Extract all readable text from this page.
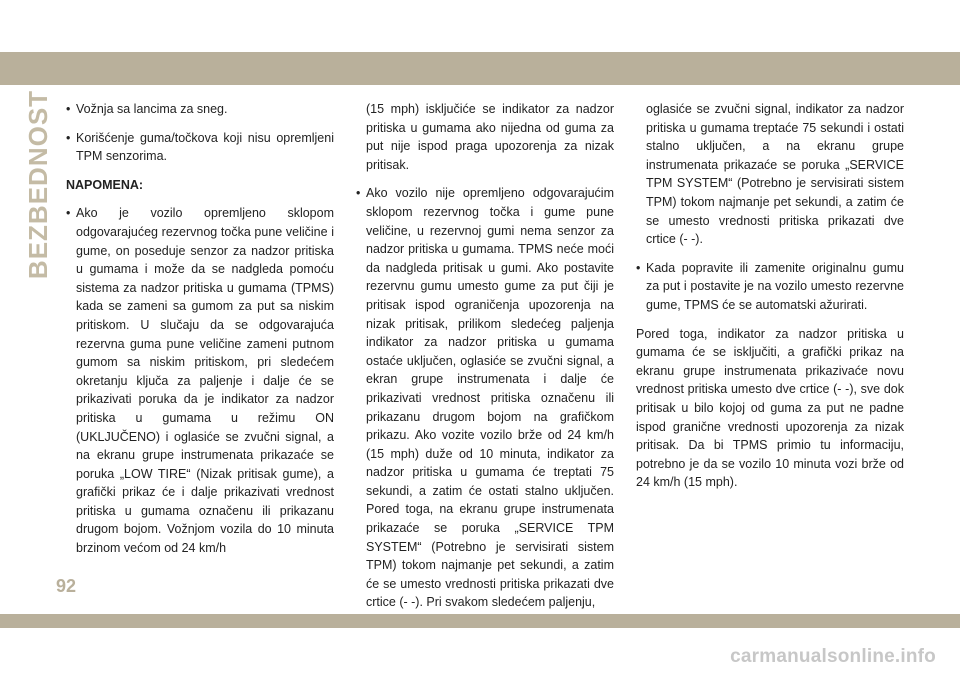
BEZBEDNOST
• Vožnja sa lancima za sneg.
• Korišćenje guma/točkova koji nisu opremljeni TPM senzorima.
NAPOMENA:
• Ako je vozilo opremljeno sklopom odgovarajućeg rezervnog točka pune veličine i gume, on poseduje senzor za nadzor pritiska u gumama i može da se nadgleda pomoću sistema za nadzor pritiska u gumama (TPMS) kada se zameni sa gumom za put sa niskim pritiskom. U slučaju da se odgovarajuća rezervna guma pune veličine zameni putnom gumom sa niskim pritiskom, pri sledećem okretanju ključa za paljenje i dalje će se prikazivati poruka da je indikator za nadzor pritiska u gumama u režimu ON (UKLJUČENO) i oglasiće se zvučni signal, a na ekranu grupe instrumenata prikazaće se poruka „LOW TIRE“ (Nizak pritisak gume), a grafički prikaz će i dalje prikazivati vrednost pritiska u gumama označenu ili prikazanu drugom bojom. Vožnjom vozila do 10 minuta brzinom većom od 24 km/h
(15 mph) isključiće se indikator za nadzor pritiska u gumama ako nijedna od guma za put nije ispod praga upozorenja za nizak pritisak.
• Ako vozilo nije opremljeno odgovarajućim sklopom rezervnog točka i gume pune veličine, u rezervnoj gumi nema senzor za nadzor pritiska u gumama. TPMS neće moći da nadgleda pritisak u gumi. Ako postavite rezervnu gumu umesto gume za put čiji je pritisak ispod ograničenja upozorenja na nizak pritisak, prilikom sledećeg paljenja indikator za nadzor pritiska u gumama ostaće uključen, oglasiće se zvučni signal, a ekran grupe instrumenata i dalje će prikazivati vrednost pritiska označenu ili prikazanu drugom bojom na grafičkom prikazu. Ako vozite vozilo brže od 24 km/h (15 mph) duže od 10 minuta, indikator za nadzor pritiska u gumama će treptati 75 sekundi, a zatim će ostati stalno uključen. Pored toga, na ekranu grupe instrumenata prikazaće se poruka „SERVICE TPM SYSTEM“ (Potrebno je servisirati sistem TPM) tokom najmanje pet sekundi, a zatim će se umesto vrednosti pritiska prikazati dve crtice (- -). Pri svakom sledećem paljenju,
oglasiće se zvučni signal, indikator za nadzor pritiska u gumama treptaće 75 sekundi i ostati stalno uključen, a na ekranu grupe instrumenata prikazaće se poruka „SERVICE TPM SYSTEM“ (Potrebno je servisirati sistem TPM) tokom najmanje pet sekundi, a zatim će se umesto vrednosti pritiska prikazati dve crtice (- -).
• Kada popravite ili zamenite originalnu gumu za put i postavite je na vozilo umesto rezervne gume, TPMS će se automatski ažurirati.
Pored toga, indikator za nadzor pritiska u gumama će se isključiti, a grafički prikaz na ekranu grupe instrumenata prikazivaće novu vrednost pritiska umesto dve crtice (- -), sve dok pritisak u bilo kojoj od guma za put ne padne ispod granične vrednosti upozorenja za nizak pritisak. Da bi TPMS primio tu informaciju, potrebno je da se vozilo 10 minuta vozi brže od 24 km/h (15 mph).
92
carmanualsonline.info
